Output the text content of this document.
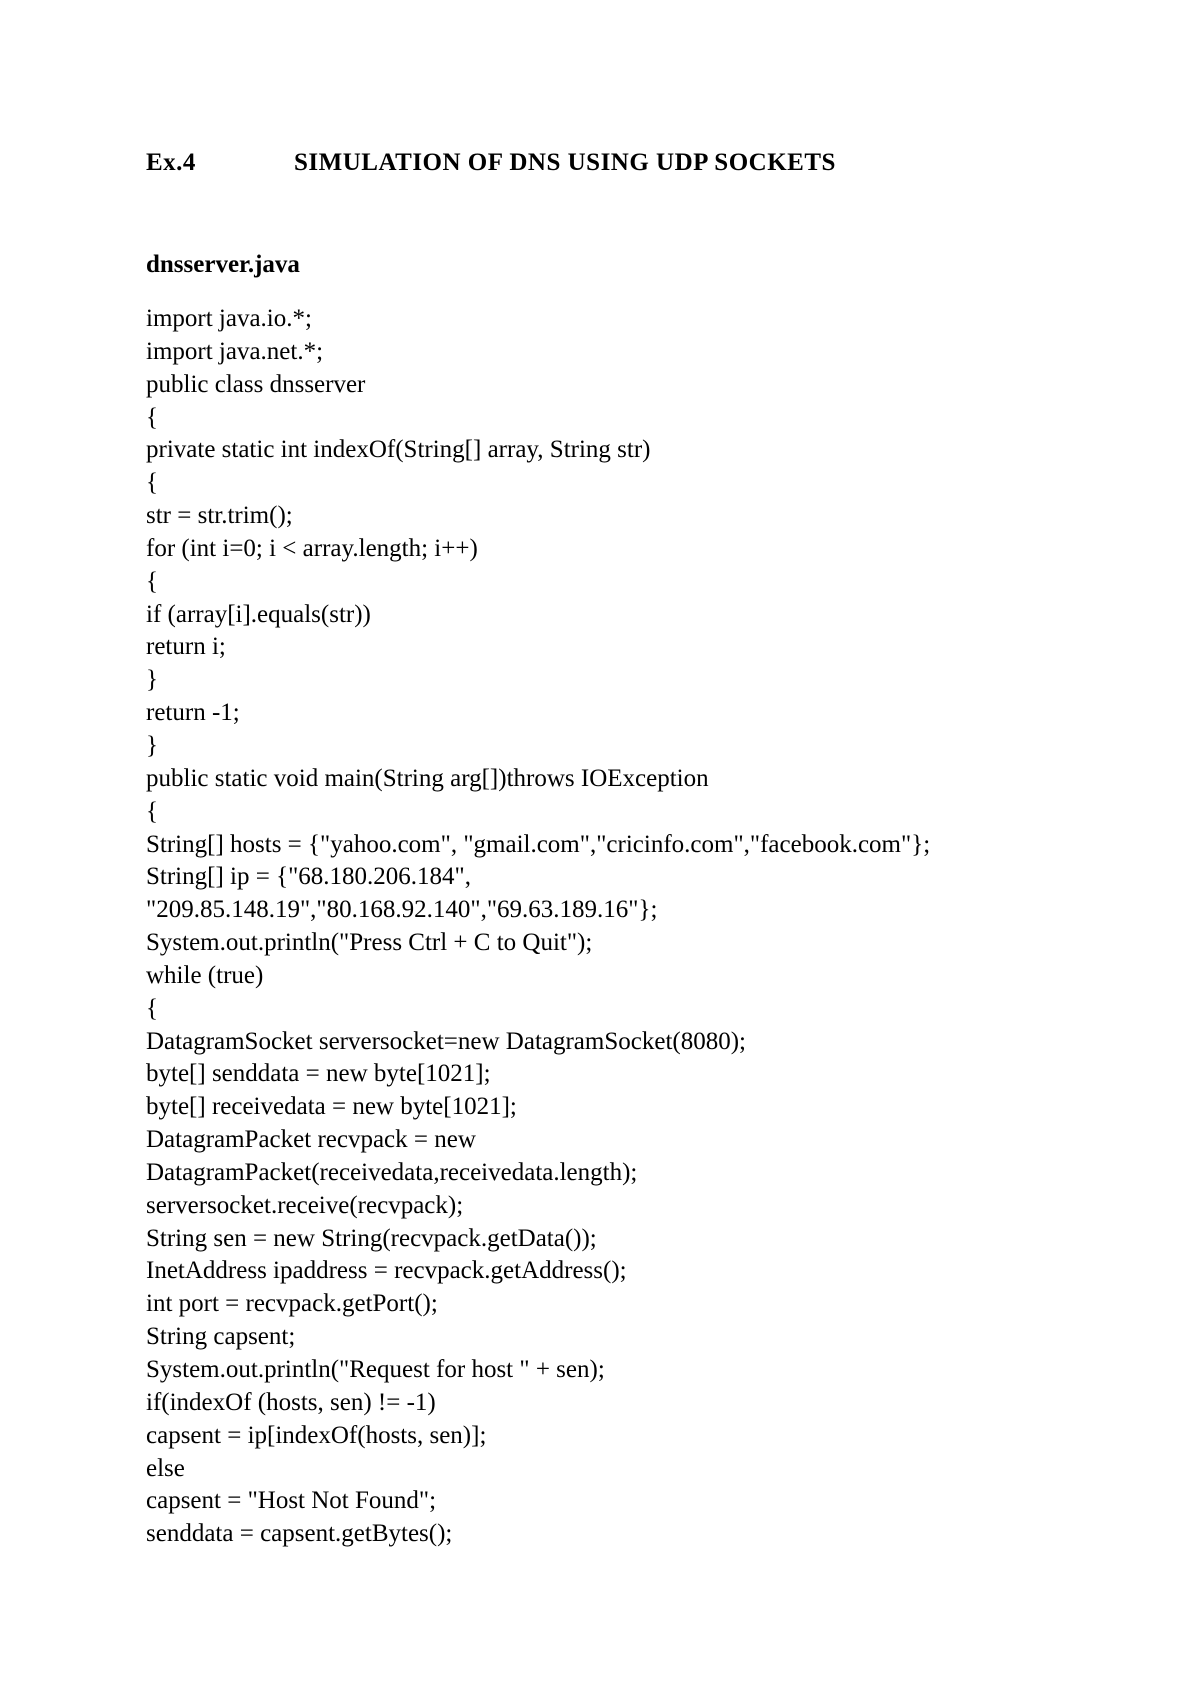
Ex.4	SIMULATION OF DNS USING UDP SOCKETS
dnsserver.java
import java.io.*;
import java.net.*;
public class dnsserver
{
private static int indexOf(String[] array, String str)
{
str = str.trim();
for (int i=0; i < array.length; i++)
{
if (array[i].equals(str))
return i;
}
return -1;
}
public static void main(String arg[])throws IOException
{
String[] hosts = {"yahoo.com", "gmail.com","cricinfo.com","facebook.com"};
String[] ip = {"68.180.206.184",
"209.85.148.19","80.168.92.140","69.63.189.16"};
System.out.println("Press Ctrl + C to Quit");
while (true)
{
DatagramSocket serversocket=new DatagramSocket(8080);
byte[] senddata = new byte[1021];
byte[] receivedata = new byte[1021];
DatagramPacket recvpack = new
DatagramPacket(receivedata,receivedata.length);
serversocket.receive(recvpack);
String sen = new String(recvpack.getData());
InetAddress ipaddress = recvpack.getAddress();
int port = recvpack.getPort();
String capsent;
System.out.println("Request for host " + sen);
if(indexOf (hosts, sen) != -1)
capsent = ip[indexOf(hosts, sen)];
else
capsent = "Host Not Found";
senddata = capsent.getBytes();
